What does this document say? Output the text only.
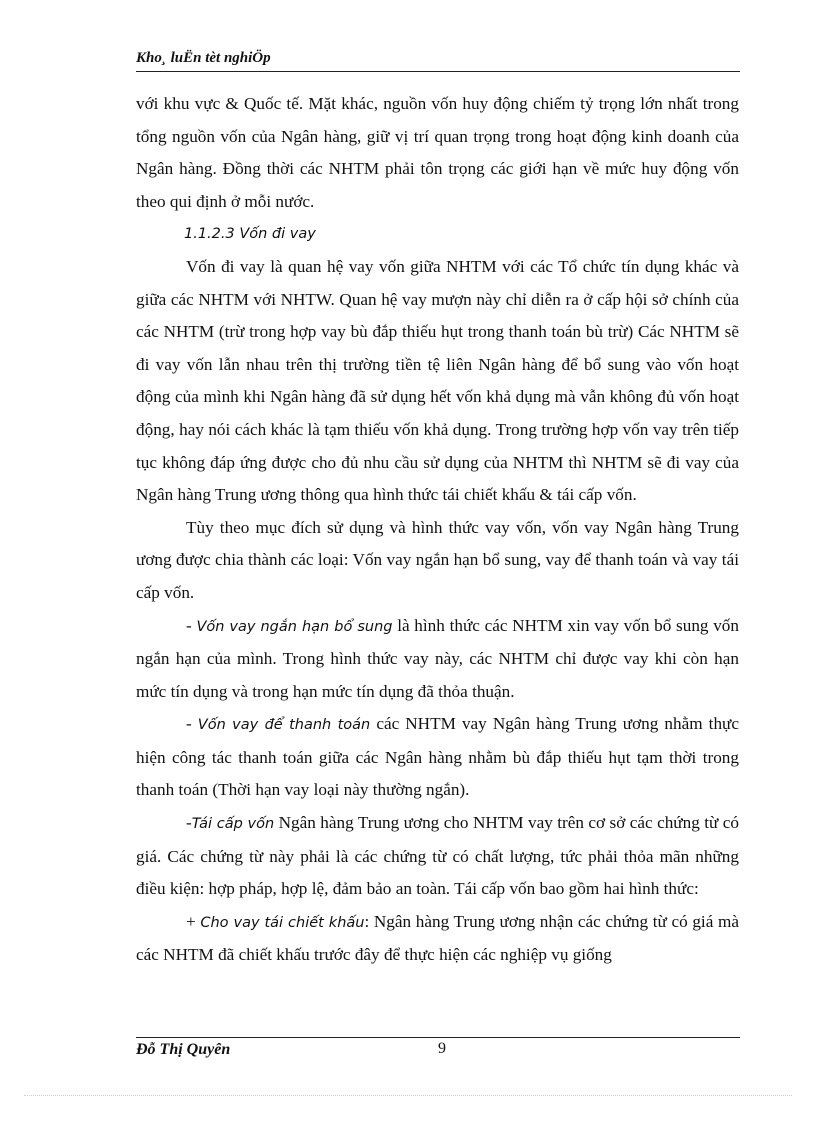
Kho¸ luËn tèt nghiÖp

với khu vực & Quốc tế. Mặt khác, nguồn vốn huy động chiếm tỷ trọng lớn nhất trong tổng nguồn vốn của Ngân hàng, giữ vị trí quan trọng trong hoạt động kinh doanh của Ngân hàng. Đồng thời các NHTM phải tôn trọng các giới hạn về mức huy động vốn theo qui định ở mỗi nước.

1.1.2.3 Vốn đi vay

Vốn đi vay là quan hệ vay vốn giữa NHTM với các Tổ chức tín dụng khác và giữa các NHTM với NHTW. Quan hệ vay mượn này chỉ diễn ra ở cấp hội sở chính của các NHTM (trừ trong hợp vay bù đắp thiếu hụt trong thanh toán bù trừ) Các NHTM sẽ đi vay vốn lẫn nhau trên thị trường tiền tệ liên Ngân hàng để bổ sung vào vốn hoạt động của mình khi Ngân hàng đã sử dụng hết vốn khả dụng mà vẫn không đủ vốn hoạt động, hay nói cách khác là tạm thiếu vốn khả dụng. Trong trường hợp vốn vay trên tiếp tục không đáp ứng được cho đủ nhu cầu sử dụng của NHTM thì NHTM sẽ đi vay của Ngân hàng Trung ương thông qua hình thức tái chiết khấu & tái cấp vốn.

Tùy theo mục đích sử dụng và hình thức vay vốn, vốn vay Ngân hàng Trung ương được chia thành các loại: Vốn vay ngắn hạn bổ sung, vay để thanh toán và vay tái cấp vốn.

- Vốn vay ngắn hạn bổ sung là hình thức các NHTM xin vay vốn bổ sung vốn ngắn hạn của mình. Trong hình thức vay này, các NHTM chỉ được vay khi còn hạn mức tín dụng và trong hạn mức tín dụng đã thỏa thuận.

- Vốn vay để thanh toán các NHTM vay Ngân hàng Trung ương nhằm thực hiện công tác thanh toán giữa các Ngân hàng nhằm bù đắp thiếu hụt tạm thời trong thanh toán (Thời hạn vay loại này thường ngắn).

-Tái cấp vốn Ngân hàng Trung ương cho NHTM vay trên cơ sở các chứng từ có giá. Các chứng từ này phải là các chứng từ có chất lượng, tức phải thỏa mãn những điều kiện: hợp pháp, hợp lệ, đảm bảo an toàn. Tái cấp vốn bao gồm hai hình thức:

+ Cho vay tái chiết khấu: Ngân hàng Trung ương nhận các chứng từ có giá mà các NHTM đã chiết khấu trước đây để thực hiện các nghiệp vụ giống

Đỗ Thị Quyên	9
